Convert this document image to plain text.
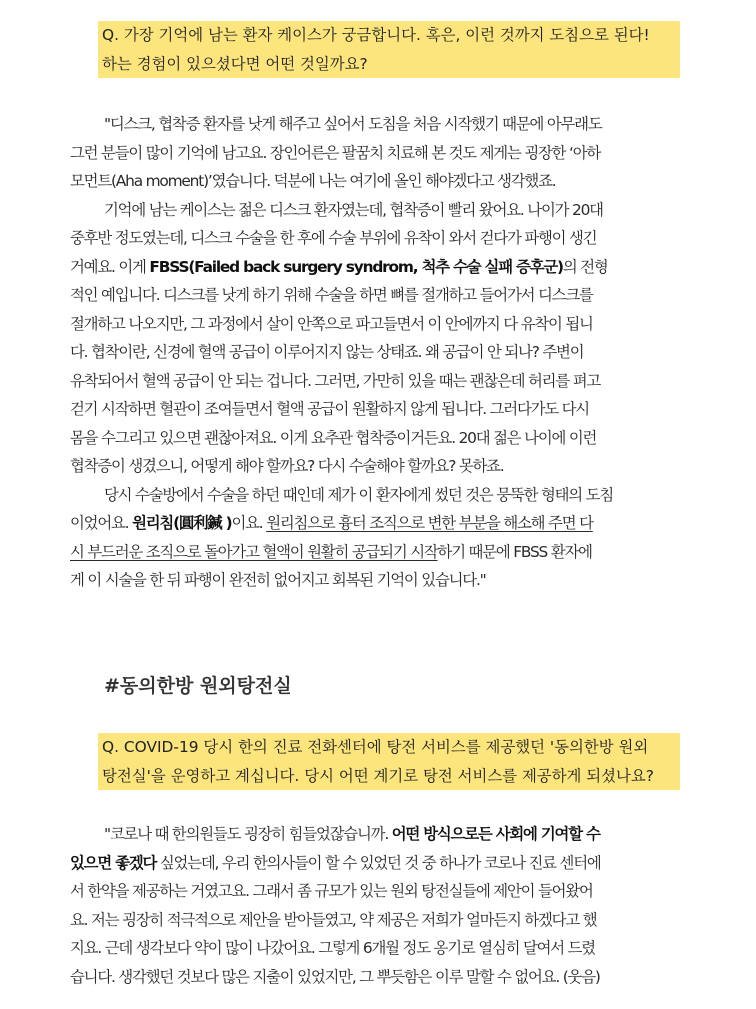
Q. 가장 기억에 남는 환자 케이스가 궁금합니다. 혹은, 이런 것까지 도침으로 된다!
하는 경험이 있으셨다면 어떤 것일까요?
"디스크, 협착증 환자를 낫게 해주고 싶어서 도침을 처음 시작했기 때문에 아무래도
그런 분들이 많이 기억에 남고요. 장인어른은 팔꿈치 치료해 본 것도 제게는 굉장한 ‘아하
모먼트(Aha moment)’였습니다. 덕분에 나는 여기에 올인 해야겠다고 생각했죠.
기억에 남는 케이스는 젊은 디스크 환자였는데, 협착증이 빨리 왔어요. 나이가 20대
중후반 정도였는데, 디스크 수술을 한 후에 수술 부위에 유착이 와서 걷다가 파행이 생긴
거예요. 이게 FBSS(Failed back surgery syndrom, 척추 수술 실패 증후군)의 전형
적인 예입니다. 디스크를 낫게 하기 위해 수술을 하면 뼈를 절개하고 들어가서 디스크를
절개하고 나오지만, 그 과정에서 살이 안쪽으로 파고들면서 이 안에까지 다 유착이 됩니
다. 협착이란, 신경에 혈액 공급이 이루어지지 않는 상태죠. 왜 공급이 안 되나? 주변이
유착되어서 혈액 공급이 안 되는 겁니다. 그러면, 가만히 있을 때는 괜찮은데 허리를 펴고
걷기 시작하면 혈관이 조여들면서 혈액 공급이 원활하지 않게 됩니다. 그러다가도 다시
몸을 수그리고 있으면 괜찮아져요. 이게 요추관 협착증이거든요. 20대 젊은 나이에 이런
협착증이 생겼으니, 어떻게 해야 할까요? 다시 수술해야 할까요? 못하죠.
당시 수술방에서 수술을 하던 때인데 제가 이 환자에게 썼던 것은 뭉뚝한 형태의 도침
이었어요. 원리침(圓利鍼 )이요. 원리침으로 흉터 조직으로 변한 부분을 해소해 주면 다
시 부드러운 조직으로 돌아가고 혈액이 원활히 공급되기 시작하기 때문에 FBSS 환자에
게 이 시술을 한 뒤 파행이 완전히 없어지고 회복된 기억이 있습니다."
#동의한방 원외탕전실
Q. COVID-19 당시 한의 진료 전화센터에 탕전 서비스를 제공했던 '동의한방 원외
탕전실'을 운영하고 계십니다. 당시 어떤 계기로 탕전 서비스를 제공하게 되셨나요?
"코로나 때 한의원들도 굉장히 힘들었잖습니까. 어떤 방식으로든 사회에 기여할 수
있으면 좋겠다 싶었는데, 우리 한의사들이 할 수 있었던 것 중 하나가 코로나 진료 센터에
서 한약을 제공하는 거였고요. 그래서 좀 규모가 있는 원외 탕전실들에 제안이 들어왔어
요. 저는 굉장히 적극적으로 제안을 받아들였고, 약 제공은 저희가 얼마든지 하겠다고 했
지요. 근데 생각보다 약이 많이 나갔어요. 그렇게 6개월 정도 옹기로 열심히 달여서 드렸
습니다. 생각했던 것보다 많은 지출이 있었지만, 그 뿌듯함은 이루 말할 수 없어요. (웃음)
